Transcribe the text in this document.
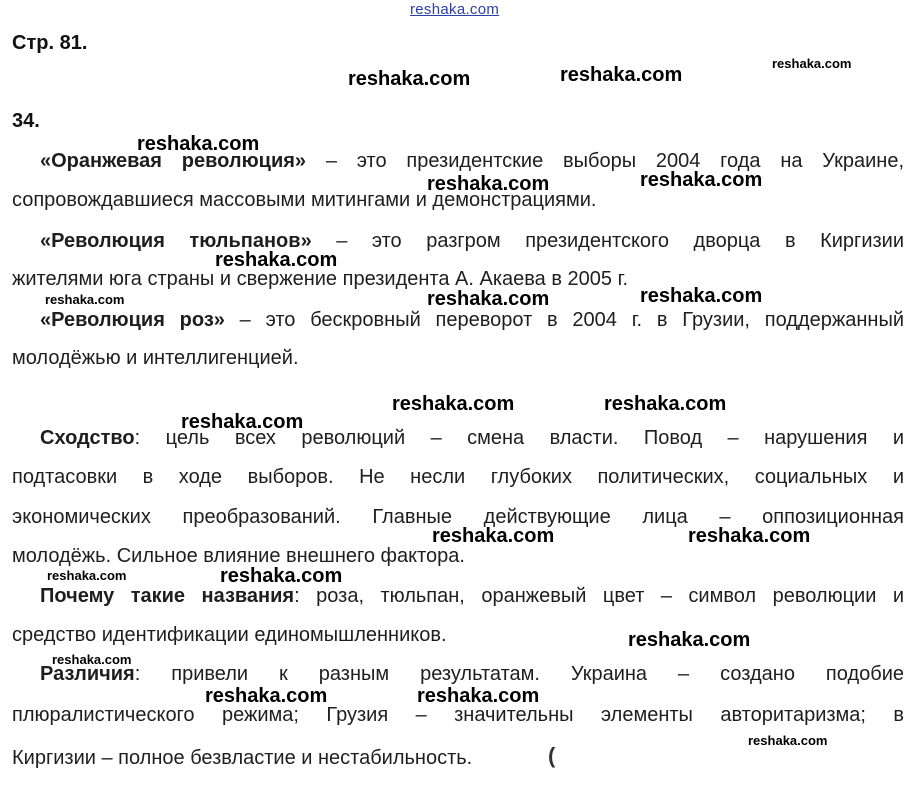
reshaka.com
Стр. 81.
34.
reshaka.com	reshaka.com
reshaka.com
reshaka.com
reshaka.com	reshaka.com
reshaka.com
reshaka.com	reshaka.com	reshaka.com
reshaka.com	reshaka.com
reshaka.com
reshaka.com	reshaka.com
reshaka.com
reshaka.com
reshaka.com
reshaka.com
reshaka.com	reshaka.com
reshaka.com
«Оранжевая революция» – это президентские выборы 2004 года на Украине,
сопровождавшиеся массовыми митингами и демонстрациями.
«Революция тюльпанов» – это разгром президентского дворца в Киргизии
жителями юга страны и свержение президента А. Акаева в 2005 г.
«Революция роз» – это бескровный переворот в 2004 г. в Грузии, поддержанный
молодёжью и интеллигенцией.
Сходство: цель всех революций – смена власти. Повод – нарушения и
подтасовки в ходе выборов. Не несли глубоких политических, социальных и
экономических преобразований. Главные действующие лица – оппозиционная
молодёжь. Сильное влияние внешнего фактора.
Почему такие названия: роза, тюльпан, оранжевый цвет – символ революции и
средство идентификации единомышленников.
Различия: привели к разным результатам. Украина – создано подобие
плюралистического режима; Грузия – значительны элементы авторитаризма; в
Киргизии – полное безвластие и нестабильность.	(
